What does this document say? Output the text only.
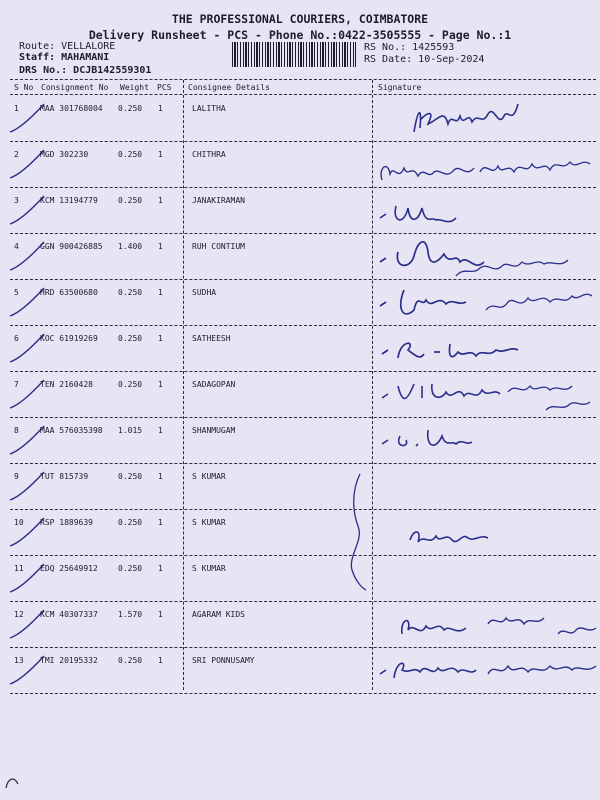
THE PROFESSIONAL COURIERS, COIMBATORE
Delivery Runsheet - PCS - Phone No.:0422-3505555 - Page No.:1
Route: VELLALORE
Staff: MAHAMANI
DRS No.: DCJB142559301
RS No.: 1425593
RS Date: 10-Sep-2024
S No Consignment No Weight PCS Consignee Details	Signature
1	MAA 301768004 0.250 1	LALITHA
2	MGD 302230	0.250 1	CHITHRA
3	KCM 13194779	0.250 1	JANAKIRAMAN
4	GGN 900426885 1.400 1	RUH CONTIUM
5	HRD 63500680	0.250 1	SUDHA
6	KOC 61919269	0.250 1	SATHEESH
7	TEN 2160428	0.250 1	SADAGOPAN
8	MAA 576035398 1.015 1	SHANMUGAM
9	TUT 815739	0.250 1	S KUMAR
10 RSP 1889639	0.250 1	S KUMAR
11 EDQ 25649912	0.250 1	S KUMAR
12 KCM 40307337	1.570 1	AGARAM KIDS
13 TMI 20195332	0.250 1	SRI PONNUSAMY
